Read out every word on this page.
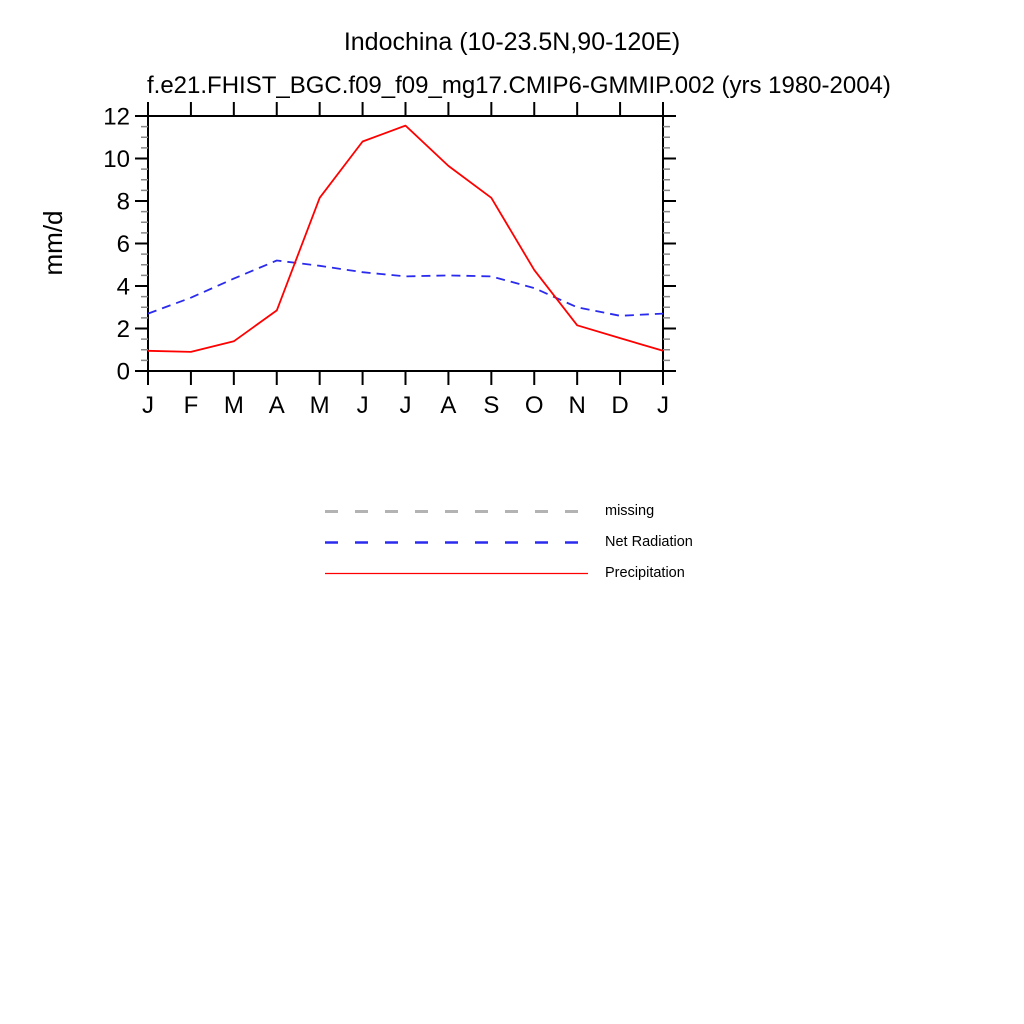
Indochina (10-23.5N,90-120E)
f.e21.FHIST_BGC.f09_f09_mg17.CMIP6-GMMIP.002 (yrs 1980-2004)
0
2
4
6
8
10
12
J F M A M J J A S O N D J
mm/d
missing
Net Radiation
Precipitation
